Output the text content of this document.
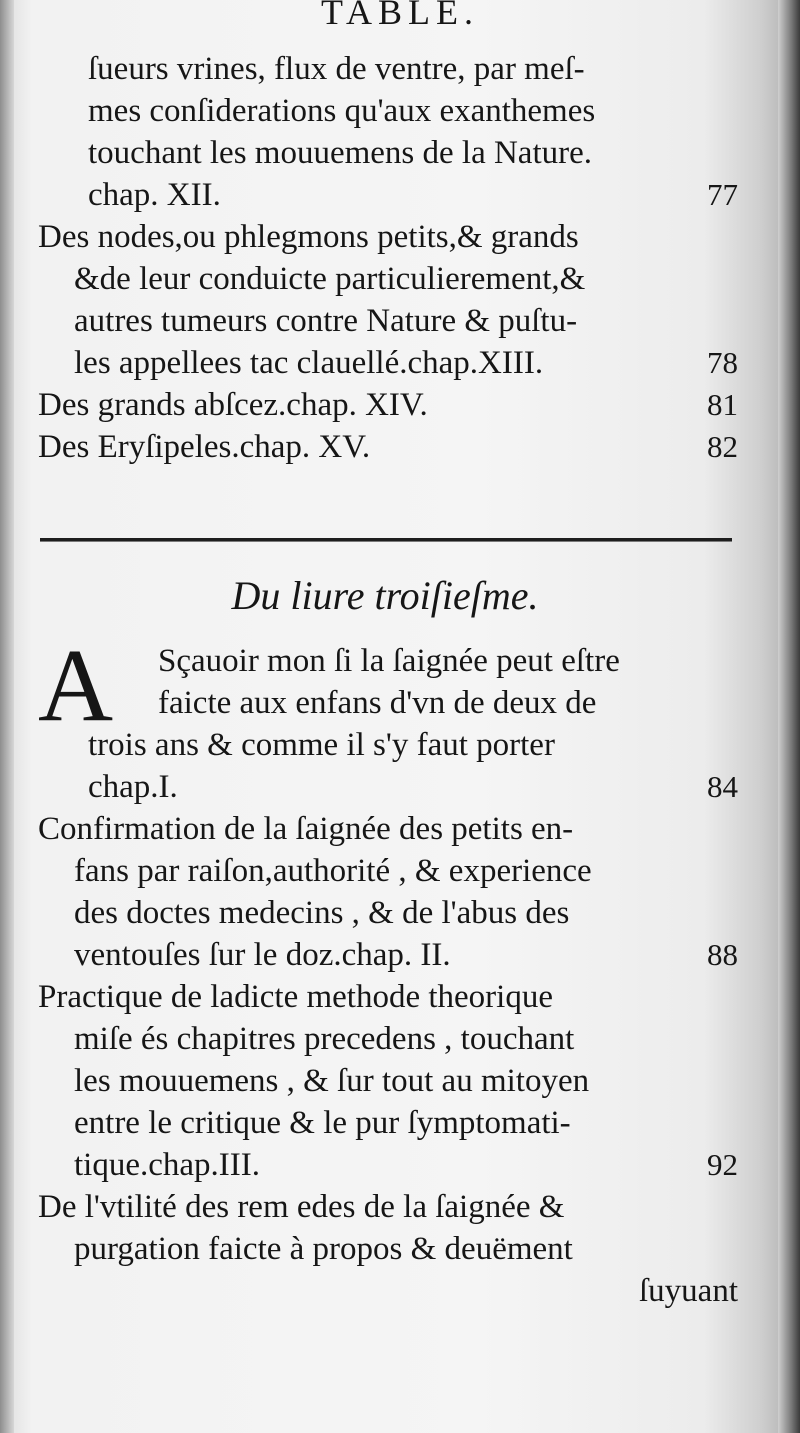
TABLE.
ſueurs vrines, flux de ventre, par meſ-
mes conſiderations qu'aux exanthemes
touchant les mouuemens de la Nature.
chap. XII.	77
Des nodes,ou phlegmons petits,& grands
&de leur conduicte particulierement,&
autres tumeurs contre Nature & puſtu-
les appellees tac clauellé.chap.XIII.	78
Des grands abſcez.chap. XIV.	81
Des Eryſipeles.chap. XV.	82
Du liure troiſieſme.
A	Sçauoir mon ſi la ſaignée peut eſtre
faicte aux enfans d'vn de deux de
trois ans & comme il s'y faut porter
chap.I.	84
Confirmation de la ſaignée des petits en-
fans par raiſon,authorité , & experience
des doctes medecins , & de l'abus des
ventouſes ſur le doz.chap. II.	88
Practique de ladicte methode theorique
miſe és chapitres precedens , touchant
les mouuemens , & ſur tout au mitoyen
entre le critique & le pur ſymptomati-
tique.chap.III.	92
De l'vtilité des rem edes de la ſaignée &
purgation faicte à propos & deuëment
ſuyuant
